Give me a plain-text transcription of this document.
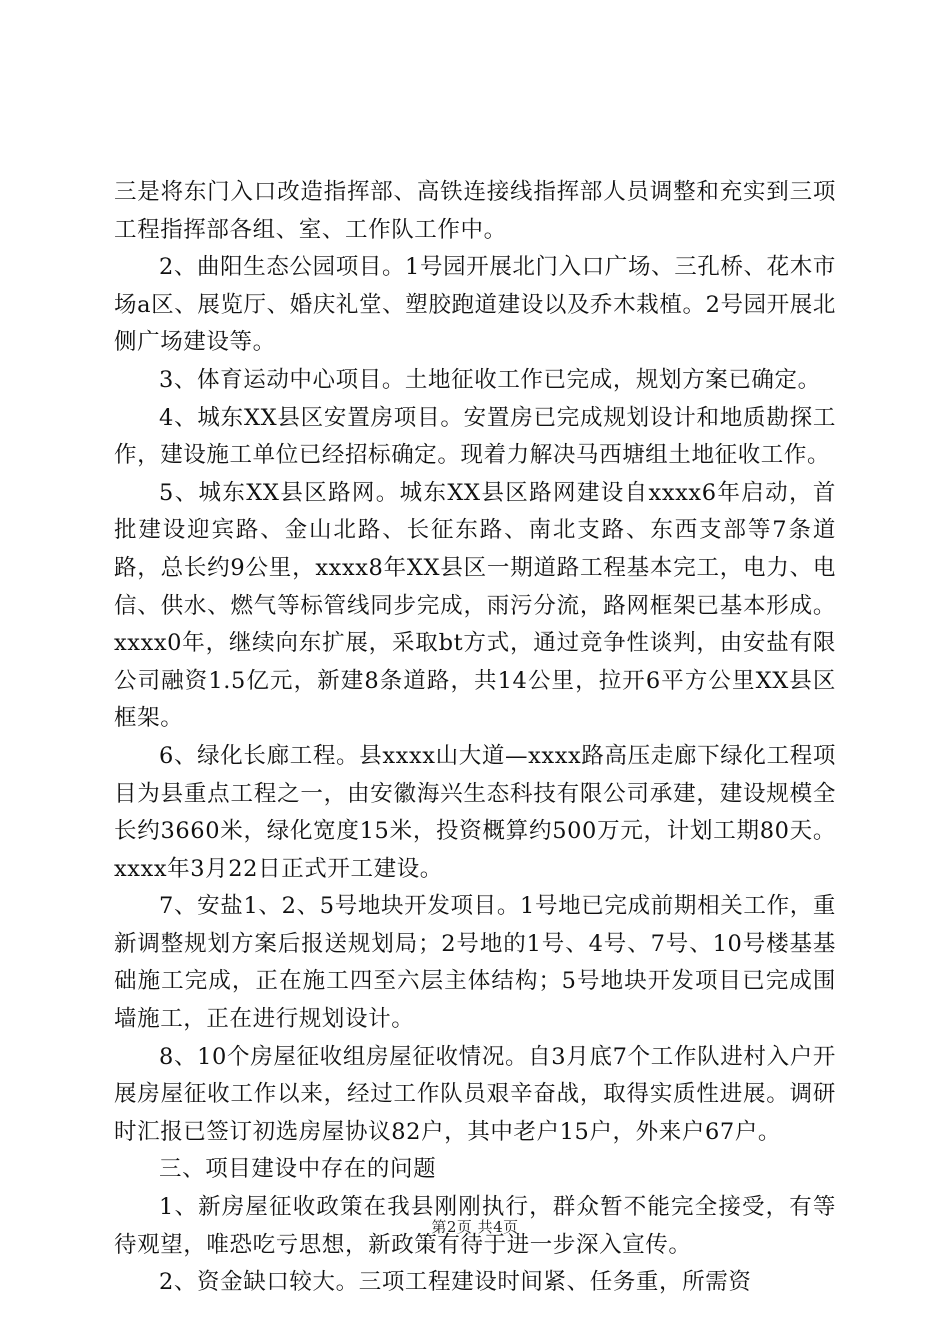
三是将东门入口改造指挥部、高铁连接线指挥部人员调整和充实到三项工程指挥部各组、室、工作队工作中。

2、曲阳生态公园项目。1号园开展北门入口广场、三孔桥、花木市场a区、展览厅、婚庆礼堂、塑胶跑道建设以及乔木栽植。2号园开展北侧广场建设等。

3、体育运动中心项目。土地征收工作已完成，规划方案已确定。

4、城东XX县区安置房项目。安置房已完成规划设计和地质勘探工作，建设施工单位已经招标确定。现着力解决马西塘组土地征收工作。

5、城东XX县区路网。城东XX县区路网建设自xxxx6年启动，首批建设迎宾路、金山北路、长征东路、南北支路、东西支部等7条道路，总长约9公里，xxxx8年XX县区一期道路工程基本完工，电力、电信、供水、燃气等标管线同步完成，雨污分流，路网框架已基本形成。xxxx0年，继续向东扩展，采取bt方式，通过竞争性谈判，由安盐有限公司融资1.5亿元，新建8条道路，共14公里，拉开6平方公里XX县区框架。

6、绿化长廊工程。县xxxx山大道—xxxx路高压走廊下绿化工程项目为县重点工程之一，由安徽海兴生态科技有限公司承建，建设规模全长约3660米，绿化宽度15米，投资概算约500万元，计划工期80天。xxxx年3月22日正式开工建设。

7、安盐1、2、5号地块开发项目。1号地已完成前期相关工作，重新调整规划方案后报送规划局；2号地的1号、4号、7号、10号楼基基础施工完成，正在施工四至六层主体结构；5号地块开发项目已完成围墙施工，正在进行规划设计。

8、10个房屋征收组房屋征收情况。自3月底7个工作队进村入户开展房屋征收工作以来，经过工作队员艰辛奋战，取得实质性进展。调研时汇报已签订初选房屋协议82户，其中老户15户，外来户67户。

三、项目建设中存在的问题

1、新房屋征收政策在我县刚刚执行，群众暂不能完全接受，有等待观望，唯恐吃亏思想，新政策有待于进一步深入宣传。

2、资金缺口较大。三项工程建设时间紧、任务重，所需资

第2页 共4页
